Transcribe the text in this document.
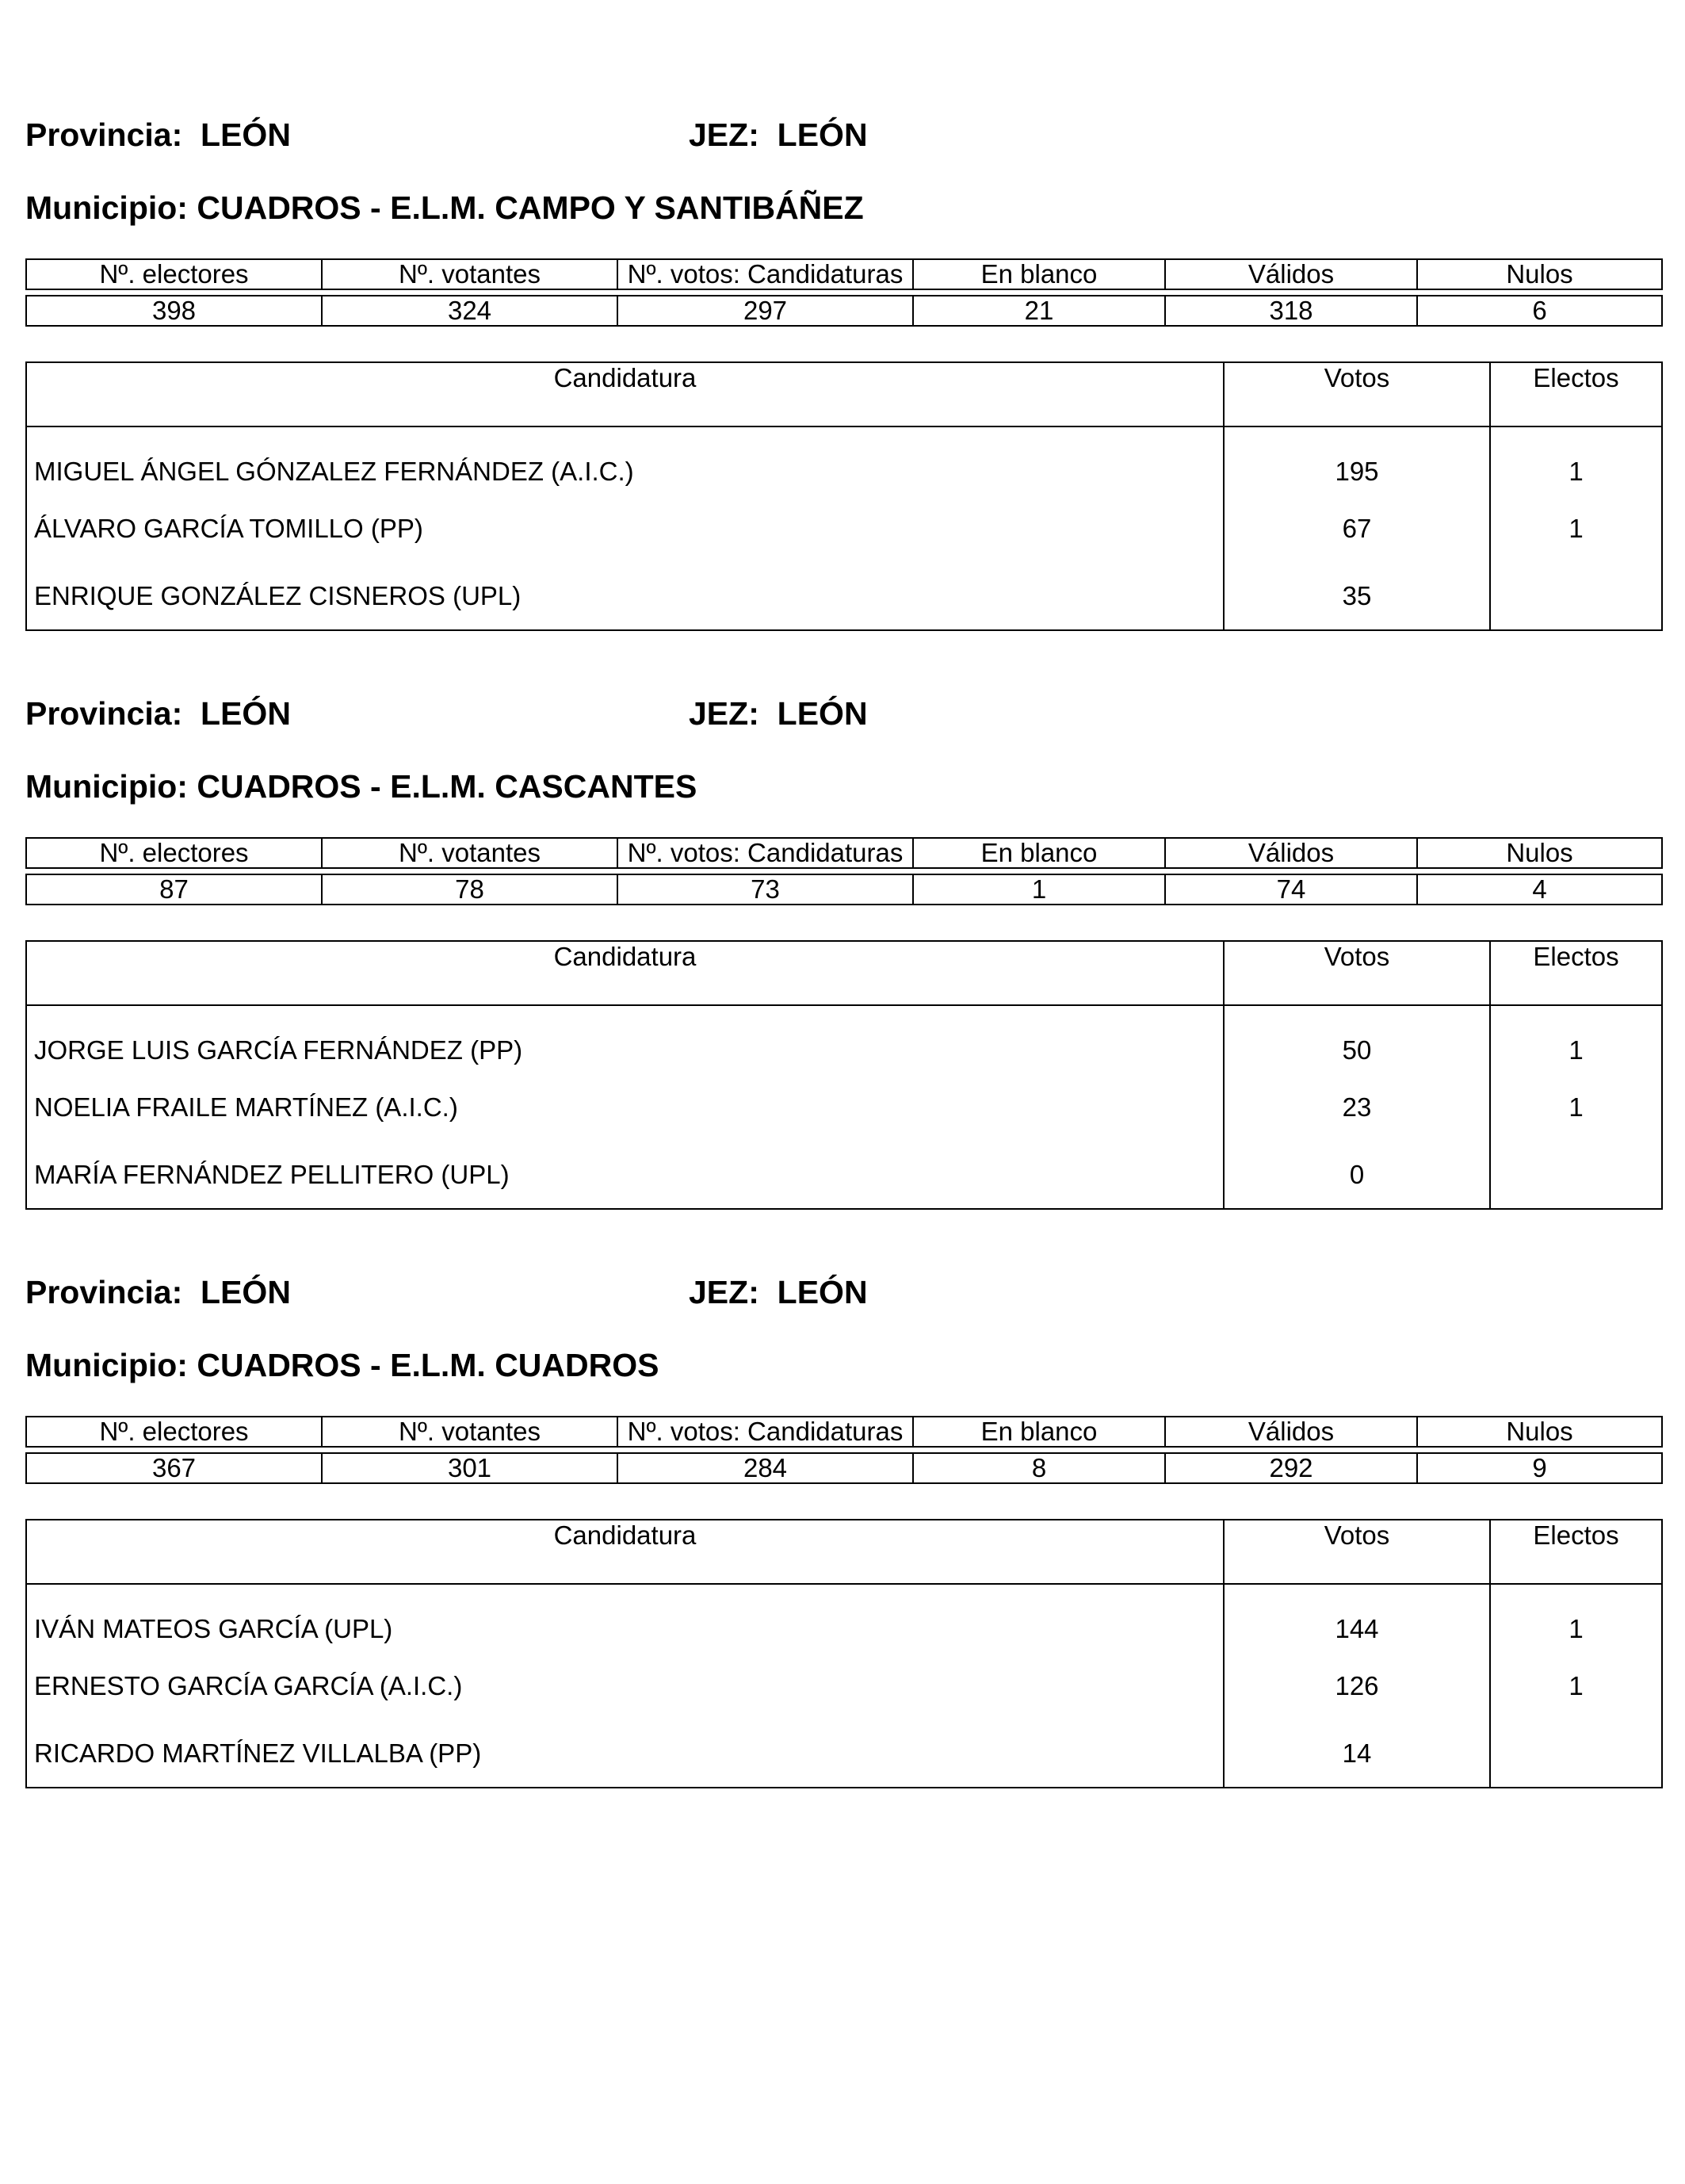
Provincia: LEÓN	JEZ: LEÓN
Municipio: CUADROS - E.L.M. CAMPO Y SANTIBÁÑEZ
Nº. electores	Nº. votantes	Nº. votos: Candidaturas	En blanco	Válidos	Nulos

398	324	297	21	318	6
Candidatura	Votos	Electos
MIGUEL ÁNGEL GÓNZALEZ FERNÁNDEZ (A.I.C.)	195	1
ÁLVARO GARCÍA TOMILLO (PP)	67	1
ENRIQUE GONZÁLEZ CISNEROS (UPL)	35	
Provincia: LEÓN	JEZ: LEÓN
Municipio: CUADROS - E.L.M. CASCANTES
Nº. electores	Nº. votantes	Nº. votos: Candidaturas	En blanco	Válidos	Nulos

87	78	73	1	74	4
Candidatura	Votos	Electos
JORGE LUIS GARCÍA FERNÁNDEZ (PP)	50	1
NOELIA FRAILE MARTÍNEZ (A.I.C.)	23	1
MARÍA FERNÁNDEZ PELLITERO (UPL)	0	
Provincia: LEÓN	JEZ: LEÓN
Municipio: CUADROS - E.L.M. CUADROS
Nº. electores	Nº. votantes	Nº. votos: Candidaturas	En blanco	Válidos	Nulos

367	301	284	8	292	9
Candidatura	Votos	Electos
IVÁN MATEOS GARCÍA (UPL)	144	1
ERNESTO GARCÍA GARCÍA (A.I.C.)	126	1
RICARDO MARTÍNEZ VILLALBA (PP)	14	
